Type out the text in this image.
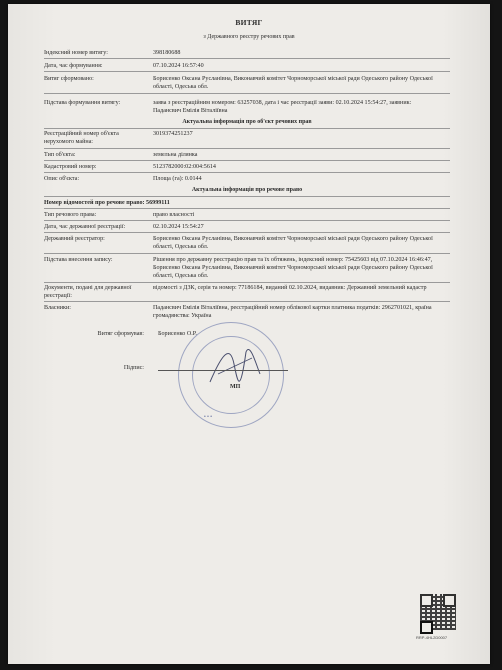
ВИТЯГ
з Державного реєстру речових прав
Індексний номер витягу:	398180688
Дата, час формування:	07.10.2024 16:57:40
Витяг сформовано:	Борисенко Оксана Русланівна, Виконавчий комітет Чорноморської міської ради Одеського району Одеської області, Одеська обл.
Підстава формування витягу:	заява з реєстраційним номером: 63257038, дата і час реєстрації заяви: 02.10.2024 15:54:27, заявник: Падансвич Емілія Віталіївна
Актуальна інформація про об'єкт речових прав
Реєстраційний номер об'єкта нерухомого майна:
3019374251237
Тип об'єкта:	земельна ділянка
Кадастровий номер:	5123782000:02:004:5614
Опис об'єкта:	Площа (га): 0.0144
Актуальна інформація про речове право
Номер відомостей про речове право: 56999111
Тип речового права:	право власності
Дата, час державної реєстрації:	02.10.2024 15:54:27
Державний реєстратор:	Борисенко Оксана Русланівна, Виконавчий комітет Чорноморської міської ради Одеського району Одеської області, Одеська обл.
Підстава внесення запису:	Рішення про державну реєстрацію прав та їх обтяжень, індексний номер: 75425603 від 07.10.2024 16:46:47, Борисенко Оксана Русланівна, Виконавчий комітет Чорноморської міської ради Одеського району Одеської області, Одеська обл.
Документи, подані для державної реєстрації:
відомості з ДЗК, серія та номер: 77186184, виданий 02.10.2024, видавник: Державний земельний кадастр
Власники:	Падансвич Емілія Віталіївна, реєстраційний номер облікової картки платника податків: 2962701021, країна громадянства: Україна
• • •
Витяг сформував: Борисенко О.Р.
Підпис:
МП
RRP-4HL2D0007
